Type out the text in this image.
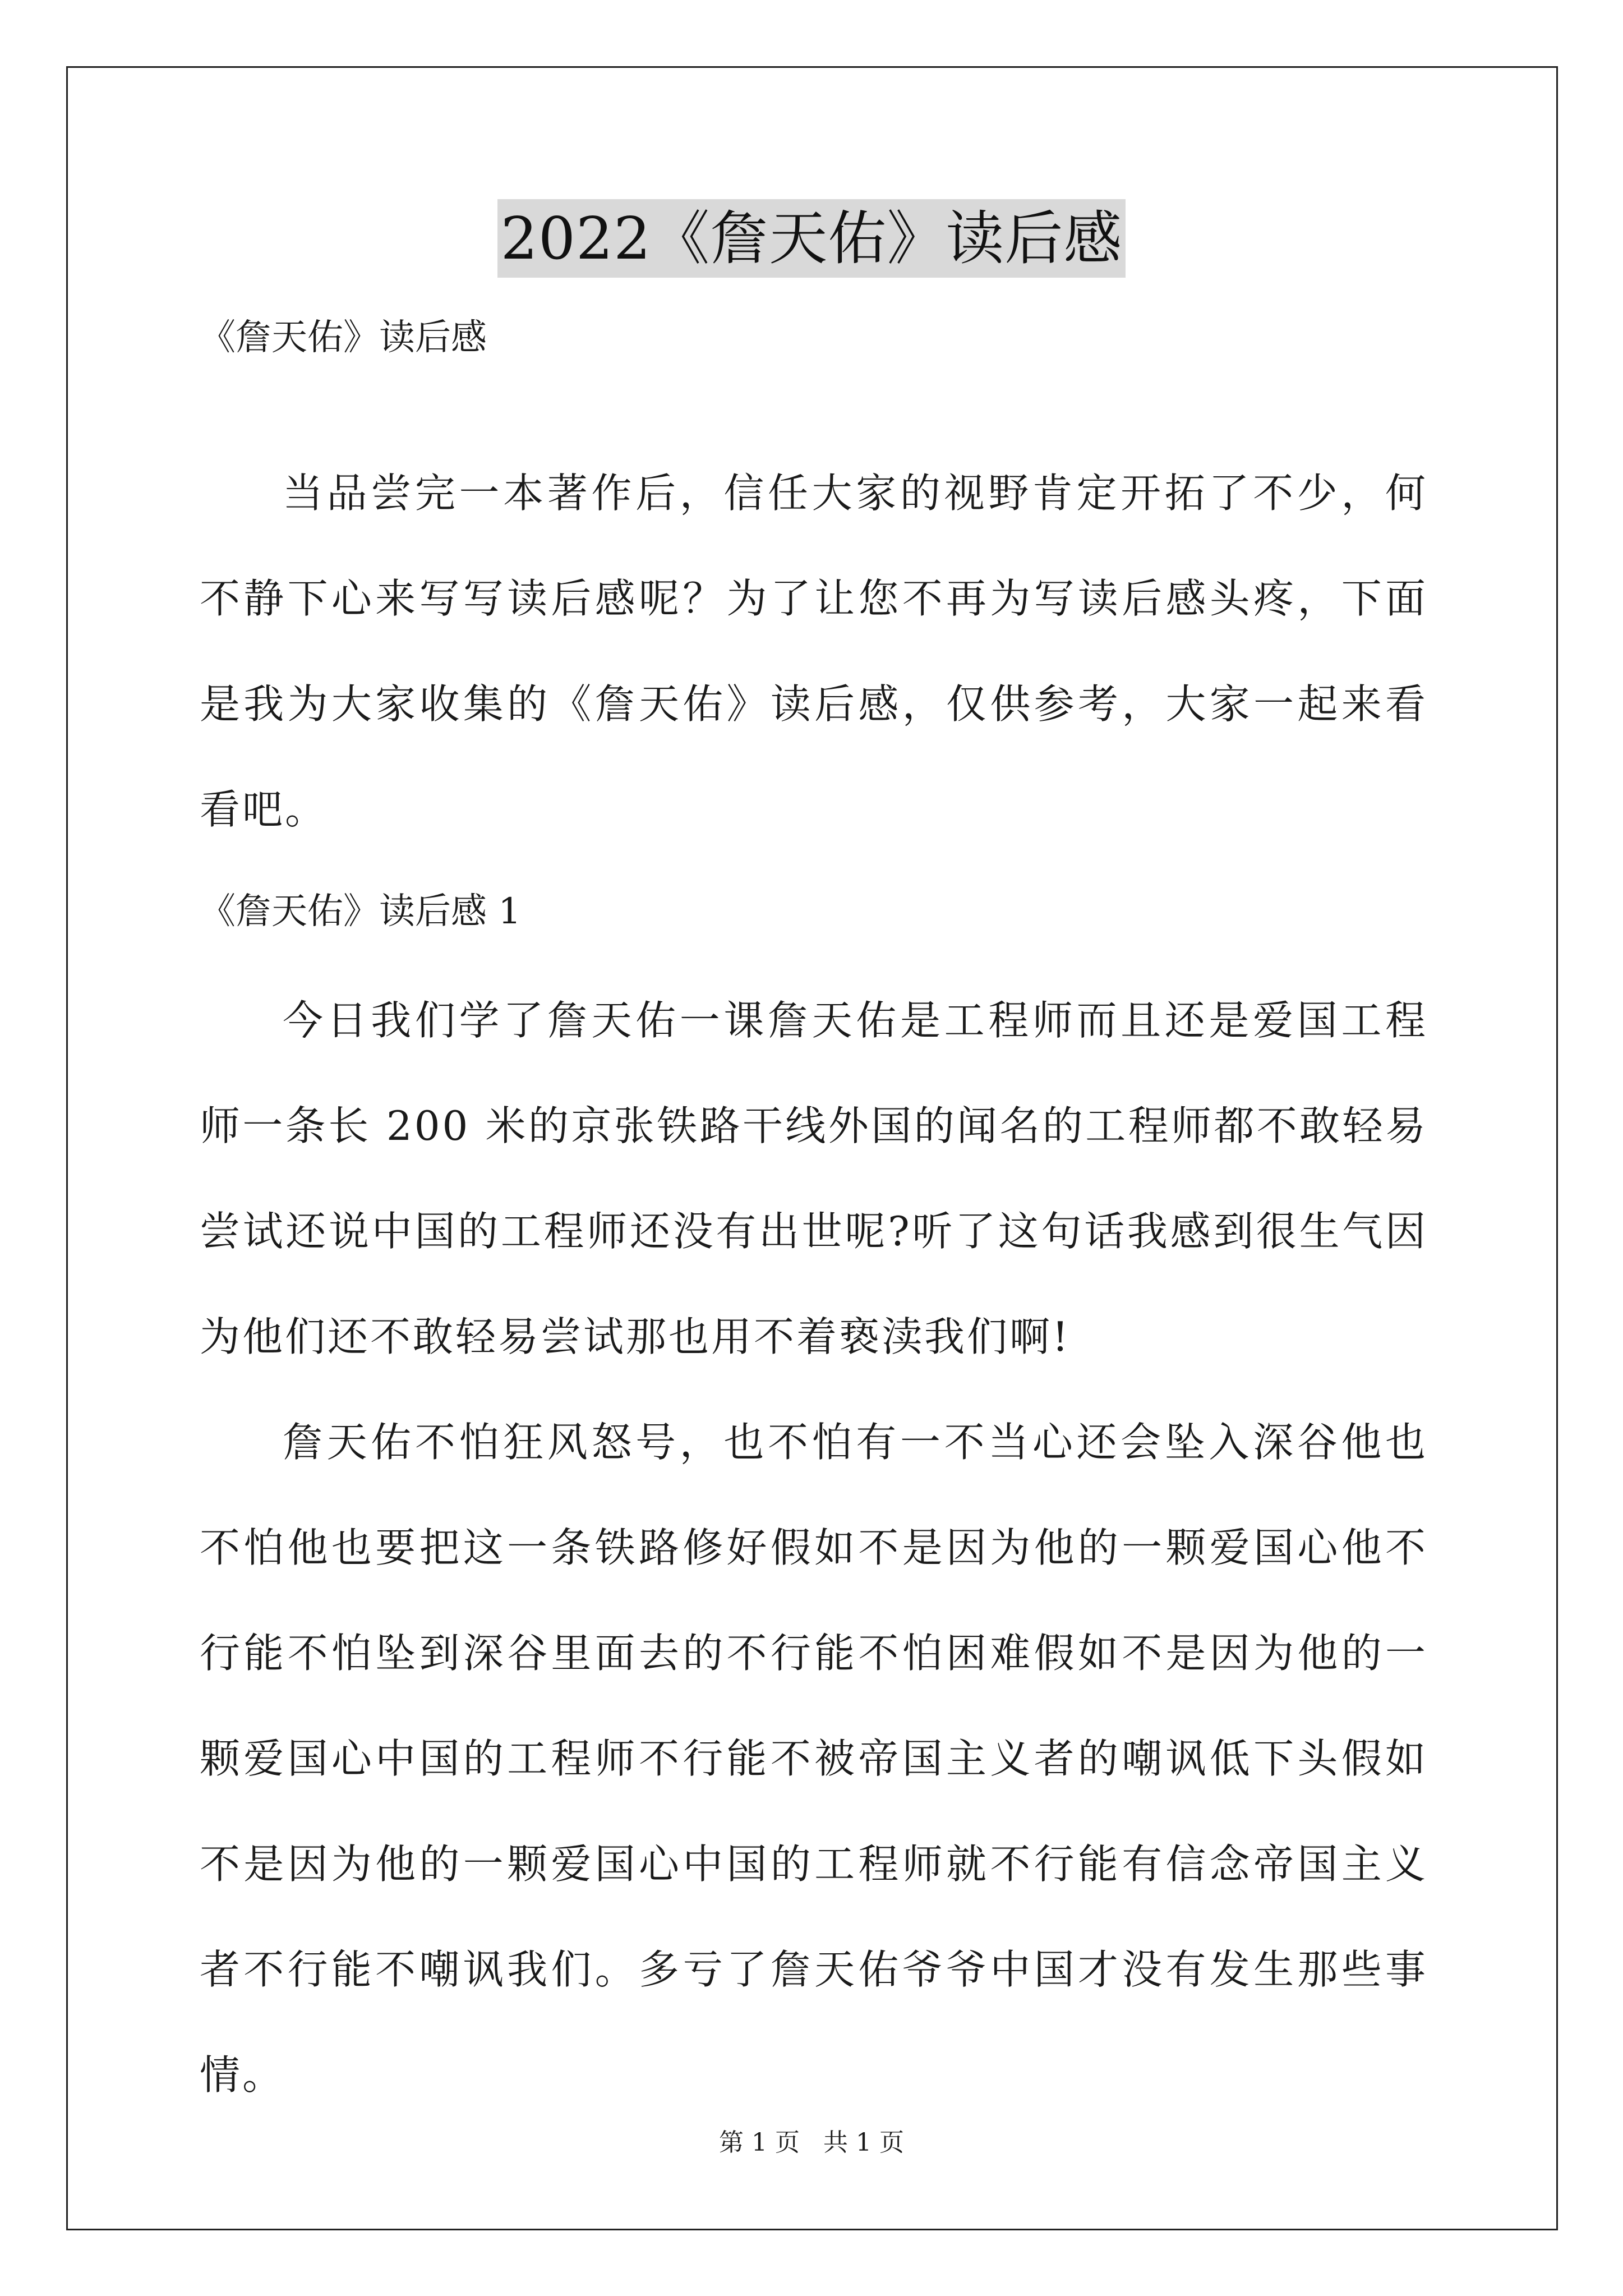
2022《詹天佑》读后感
《詹天佑》读后感

当品尝完一本著作后，信任大家的视野肯定开拓了不少，何不静下心来写写读后感呢？为了让您不再为写读后感头疼，下面是我为大家收集的《詹天佑》读后感，仅供参考，大家一起来看看吧。

《詹天佑》读后感 1

今日我们学了詹天佑一课詹天佑是工程师而且还是爱国工程师一条长 200 米的京张铁路干线外国的闻名的工程师都不敢轻易尝试还说中国的工程师还没有出世呢?听了这句话我感到很生气因为他们还不敢轻易尝试那也用不着亵渎我们啊!

詹天佑不怕狂风怒号，也不怕有一不当心还会坠入深谷他也不怕他也要把这一条铁路修好假如不是因为他的一颗爱国心他不行能不怕坠到深谷里面去的不行能不怕困难假如不是因为他的一颗爱国心中国的工程师不行能不被帝国主义者的嘲讽低下头假如不是因为他的一颗爱国心中国的工程师就不行能有信念帝国主义者不行能不嘲讽我们。多亏了詹天佑爷爷中国才没有发生那些事情。

第 1 页   共 1 页
